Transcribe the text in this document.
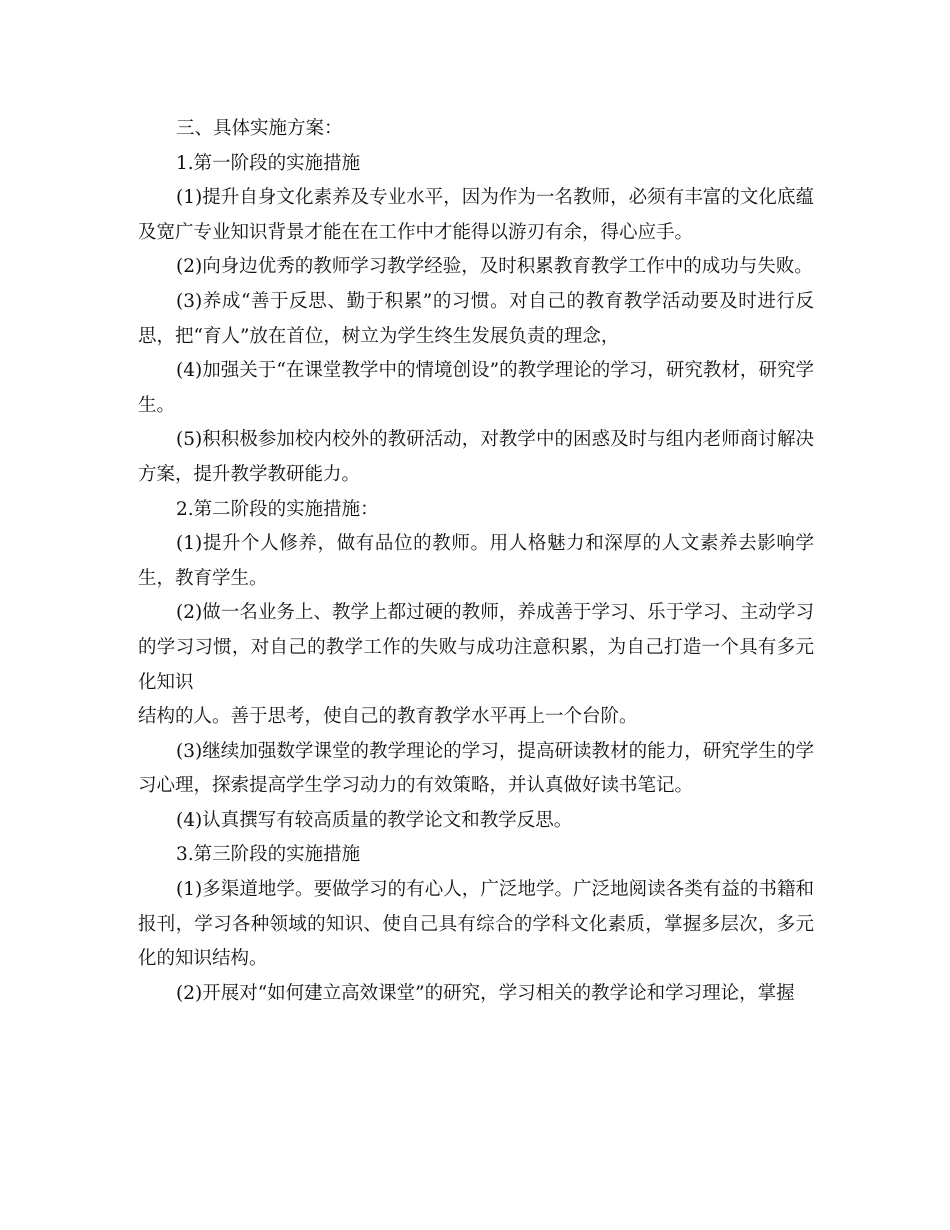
三、具体实施方案：

1.第一阶段的实施措施

(1)提升自身文化素养及专业水平，因为作为一名教师，必须有丰富的文化底蕴及宽广专业知识背景才能在在工作中才能得以游刃有余，得心应手。

(2)向身边优秀的教师学习教学经验，及时积累教育教学工作中的成功与失败。

(3)养成“善于反思、勤于积累”的习惯。对自己的教育教学活动要及时进行反思，把“育人”放在首位，树立为学生终生发展负责的理念，

(4)加强关于“在课堂教学中的情境创设”的教学理论的学习，研究教材，研究学生。

(5)积积极参加校内校外的教研活动，对教学中的困惑及时与组内老师商讨解决方案，提升教学教研能力。

2.第二阶段的实施措施：

(1)提升个人修养，做有品位的教师。用人格魅力和深厚的人文素养去影响学生，教育学生。

(2)做一名业务上、教学上都过硬的教师，养成善于学习、乐于学习、主动学习的学习习惯，对自己的教学工作的失败与成功注意积累，为自己打造一个具有多元化知识

结构的人。善于思考，使自己的教育教学水平再上一个台阶。

(3)继续加强数学课堂的教学理论的学习，提高研读教材的能力，研究学生的学习心理，探索提高学生学习动力的有效策略，并认真做好读书笔记。

(4)认真撰写有较高质量的教学论文和教学反思。

3.第三阶段的实施措施

(1)多渠道地学。要做学习的有心人，广泛地学。广泛地阅读各类有益的书籍和报刊，学习各种领域的知识、使自己具有综合的学科文化素质，掌握多层次，多元化的知识结构。

(2)开展对“如何建立高效课堂”的研究，学习相关的教学论和学习理论，掌握
